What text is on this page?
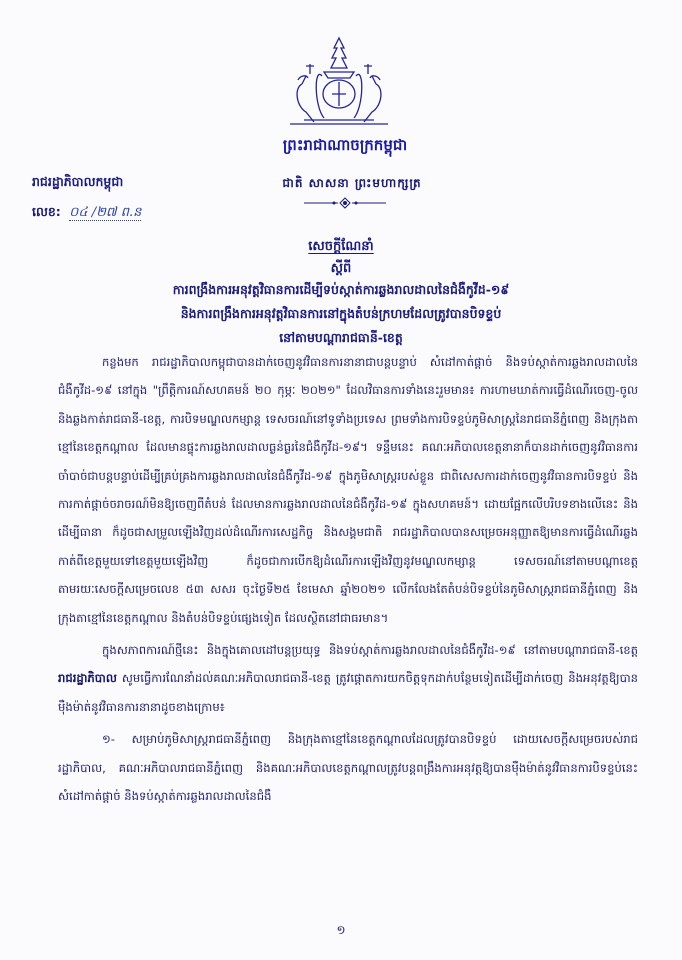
ព្រះរាជាណាចក្រកម្ពុជា
ជាតិ សាសនា ព្រះមហាក្សត្រ
រាជរដ្ឋាភិបាលកម្ពុជា
លេខ: ០៤ /២៧ ព.ន
សេចក្តីណែនាំ
ស្តីពី
ការពង្រឹងការអនុវត្តវិធានការដើម្បីទប់ស្កាត់ការឆ្លងរាលដាលនៃជំងឺកូវីដ-១៩
និងការពង្រឹងការអនុវត្តវិធានការនៅក្នុងតំបន់ក្រហមដែលត្រូវបានបិទខ្ទប់
នៅតាមបណ្តារាជធានី-ខេត្ត

កន្លងមក រាជរដ្ឋាភិបាលកម្ពុជាបានដាក់ចេញនូវវិធានការនានាជាបន្តបន្ទាប់ សំដៅកាត់ផ្តាច់ និងទប់ស្កាត់ការឆ្លងរាលដាលនៃជំងឺកូវីដ-១៩ នៅក្នុង "ព្រឹត្តិការណ៍សហគមន៍ ២០ កុម្ភៈ ២០២១" ដែលវិធានការទាំងនេះរួមមាន៖ ការហាមឃាត់ការធ្វើដំណើរចេញ-ចូល និងឆ្លងកាត់រាជធានី-ខេត្ត, ការបិទមណ្ឌលកម្សាន្ត ទេសចរណ៍នៅទូទាំងប្រទេស ព្រមទាំងការបិទខ្ទប់ភូមិសាស្ត្រនៃរាជធានីភ្នំពេញ និងក្រុងតាខ្មៅនៃខេត្តកណ្តាល ដែលមានផ្ទុះការឆ្លងរាលដាលធ្ងន់ធ្ងរនៃជំងឺកូវីដ-១៩។ ទន្ទឹមនេះ គណៈអភិបាលខេត្តនានាក៏បានដាក់ចេញនូវវិធានការចាំបាច់ជាបន្តបន្ទាប់ដើម្បីគ្រប់គ្រងការឆ្លងរាលដាលនៃជំងឺកូវីដ-១៩ ក្នុងភូមិសាស្ត្ររបស់ខ្លួន ជាពិសេសការដាក់ចេញនូវវិធានការបិទខ្ទប់ និងការកាត់ផ្តាច់ចរាចរណ៍មិនឱ្យចេញពីតំបន់ ដែលមានការឆ្លងរាលដាលនៃជំងឺកូវីដ-១៩ ក្នុងសហគមន៍។ ដោយផ្អែកលើបរិបទខាងលើនេះ និងដើម្បីធានា ក៏ដូចជាសម្រួលឡើងវិញដល់ដំណើរការសេដ្ឋកិច្ច និងសង្គមជាតិ រាជរដ្ឋាភិបាលបានសម្រេចអនុញ្ញាតឱ្យមានការធ្វើដំណើរឆ្លងកាត់ពីខេត្តមួយទៅខេត្តមួយឡើងវិញ ក៏ដូចជាការបើកឱ្យដំណើរការឡើងវិញនូវមណ្ឌលកម្សាន្ត ទេសចរណ៍នៅតាមបណ្តាខេត្ត តាមរយៈសេចក្តីសម្រេចលេខ ៥៣ សសរ ចុះថ្ងៃទី២៥ ខែមេសា ឆ្នាំ២០២១ លើកលែងតែតំបន់បិទខ្ទប់នៃភូមិសាស្ត្ររាជធានីភ្នំពេញ និងក្រុងតាខ្មៅនៃខេត្តកណ្តាល និងតំបន់បិទខ្ទប់ផ្សេងទៀត ដែលស្ថិតនៅជាធរមាន។

ក្នុងសភាពការណ៍ថ្មីនេះ និងក្នុងគោលដៅបន្តប្រយុទ្ធ និងទប់ស្កាត់ការឆ្លងរាលដាលនៃជំងឺកូវីដ-១៩ នៅតាមបណ្តារាជធានី-ខេត្ត រាជរដ្ឋាភិបាល សូមធ្វើការណែនាំដល់គណៈអភិបាលរាជធានី-ខេត្ត ត្រូវផ្តោតការយកចិត្តទុកដាក់បន្ថែមទៀតដើម្បីដាក់ចេញ និងអនុវត្តឱ្យបានម៉ឺងម៉ាត់នូវវិធានការនានាដូចខាងក្រោម៖

១- សម្រាប់ភូមិសាស្ត្ររាជធានីភ្នំពេញ និងក្រុងតាខ្មៅនៃខេត្តកណ្តាលដែលត្រូវបានបិទខ្ទប់ ដោយសេចក្តីសម្រេចរបស់រាជរដ្ឋាភិបាល, គណៈអភិបាលរាជធានីភ្នំពេញ និងគណៈអភិបាលខេត្តកណ្តាលត្រូវបន្តពង្រឹងការអនុវត្តឱ្យបានម៉ឺងម៉ាត់នូវវិធានការបិទខ្ទប់នេះ សំដៅកាត់ផ្តាច់ និងទប់ស្កាត់ការឆ្លងរាលដាលនៃជំងឺ

១
